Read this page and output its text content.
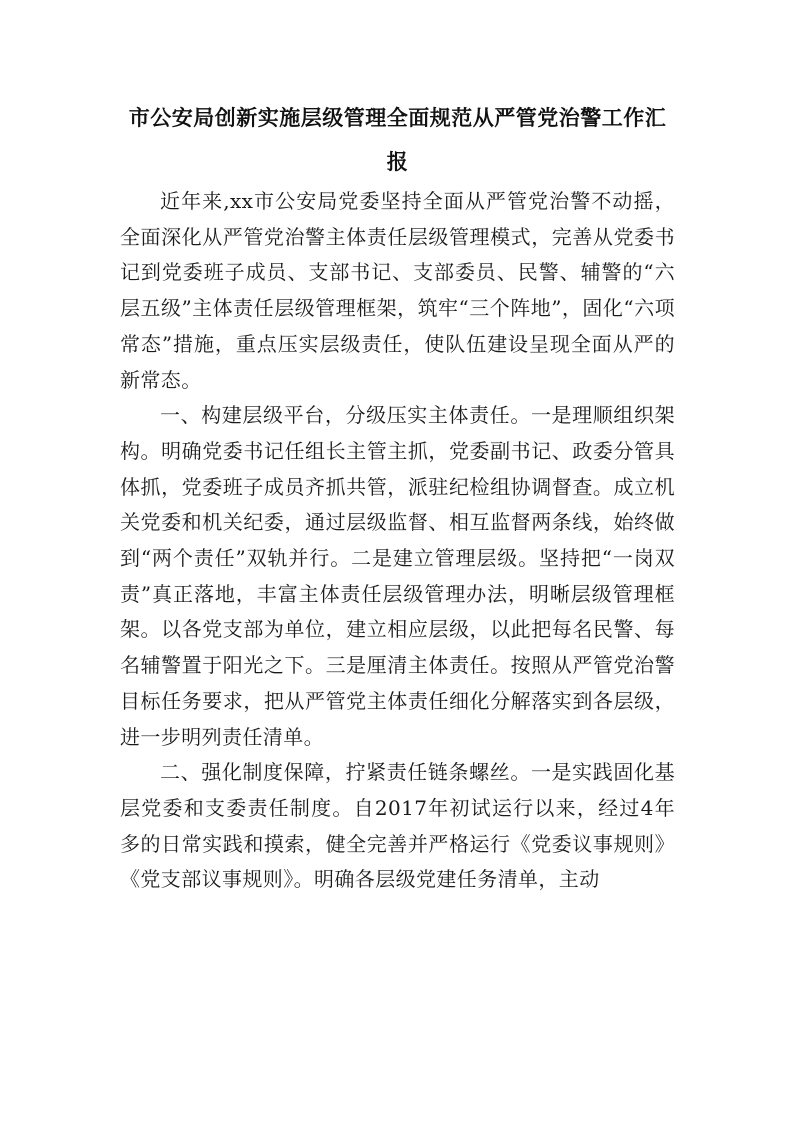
市公安局创新实施层级管理全面规范从严管党治警工作汇报

近年来,xx市公安局党委坚持全面从严管党治警不动摇，全面深化从严管党治警主体责任层级管理模式，完善从党委书记到党委班子成员、支部书记、支部委员、民警、辅警的“六层五级”主体责任层级管理框架，筑牢“三个阵地”，固化“六项常态”措施，重点压实层级责任，使队伍建设呈现全面从严的新常态。

一、构建层级平台，分级压实主体责任。一是理顺组织架构。明确党委书记任组长主管主抓，党委副书记、政委分管具体抓，党委班子成员齐抓共管，派驻纪检组协调督查。成立机关党委和机关纪委，通过层级监督、相互监督两条线，始终做到“两个责任”双轨并行。二是建立管理层级。坚持把“一岗双责”真正落地，丰富主体责任层级管理办法，明晰层级管理框架。以各党支部为单位，建立相应层级，以此把每名民警、每名辅警置于阳光之下。三是厘清主体责任。按照从严管党治警目标任务要求，把从严管党主体责任细化分解落实到各层级，进一步明列责任清单。

二、强化制度保障，拧紧责任链条螺丝。一是实践固化基层党委和支委责任制度。自2017年初试运行以来，经过4年多的日常实践和摸索，健全完善并严格运行《党委议事规则》《党支部议事规则》。明确各层级党建任务清单，主动
